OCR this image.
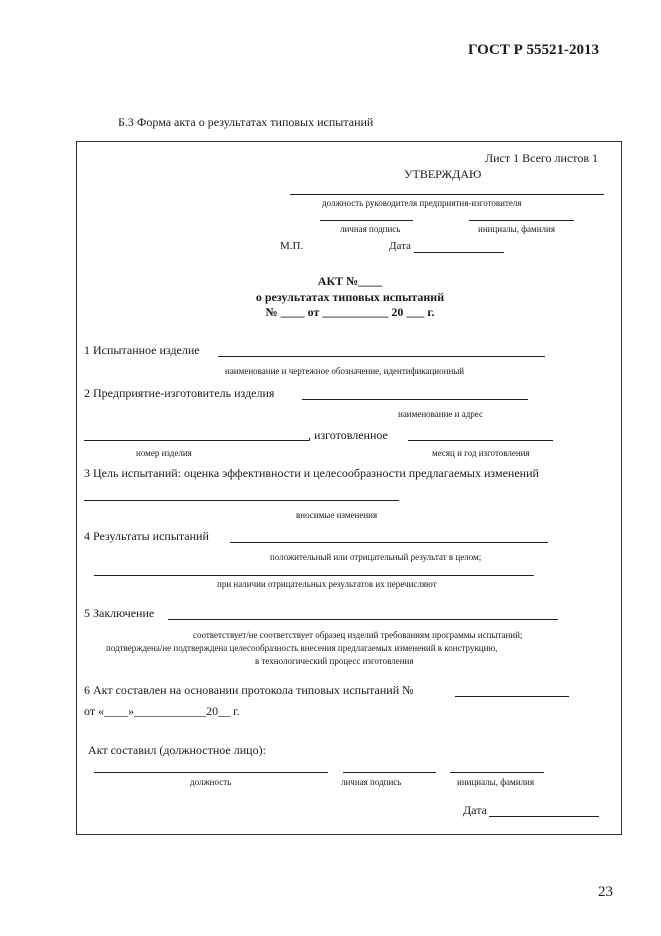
ГОСТ Р 55521-2013
Б.3 Форма акта о результатах типовых испытаний
Лист 1 Всего листов 1
УТВЕРЖДАЮ
должность руководителя предприятия-изготовителя
личная подпись	инициалы, фамилия
М.П.	Дата
АКТ №____
о результатах типовых испытаний
№ ____ от ___________ 20 ___ г.
1 Испытанное изделие
наименование и чертежное обозначение, идентификационный
2 Предприятие-изготовитель изделия
наименование и адрес
, изготовленное
номер изделия	месяц и год изготовления
3 Цель испытаний: оценка эффективности и целесообразности предлагаемых изменений
вносимые изменения
4 Результаты испытаний
положительный или отрицательный результат в целом;
при наличии отрицательных результатов их перечисляют
5 Заключение
соответствует/не соответствует образец изделий требованиям программы испытаний;
подтверждена/не подтверждена целесообразность внесения предлагаемых изменений в конструкцию,
в технологический процесс изготовления
6 Акт составлен на основании протокола типовых испытаний №
от «____»____________20__ г.
Акт составил (должностное лицо):
должность	личная подпись	инициалы, фамилия
Дата
23
